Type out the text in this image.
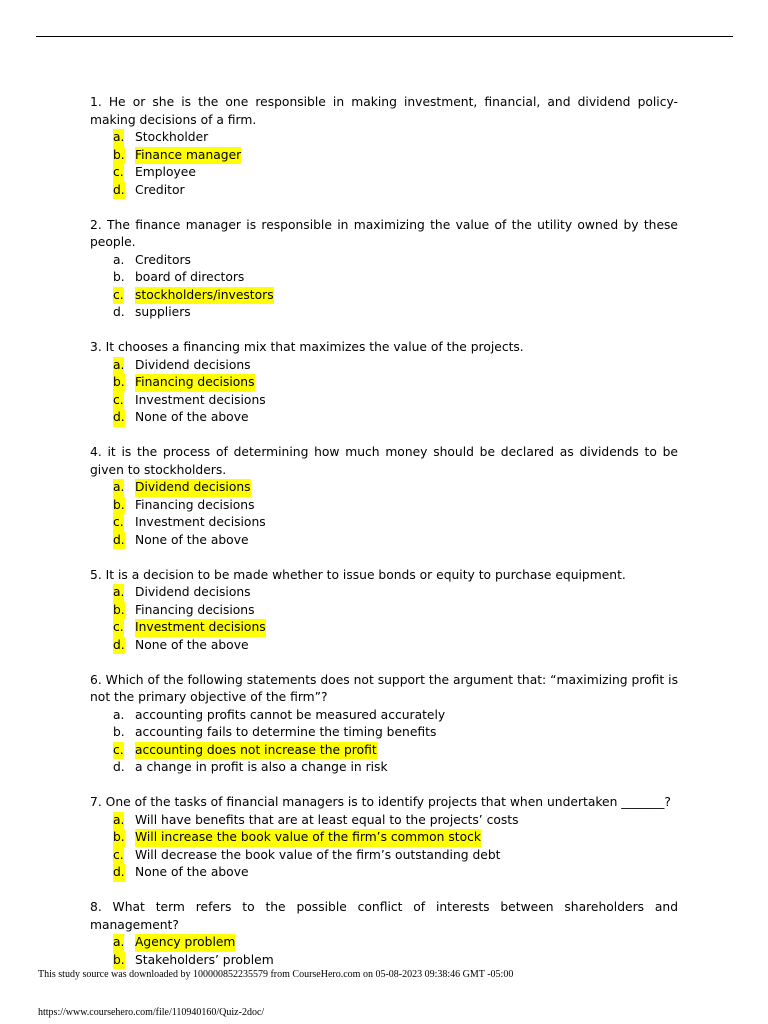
1. He or she is the one responsible in making investment, financial, and dividend policy-making decisions of a firm.
a. Stockholder
b. Finance manager
c. Employee
d. Creditor
2. The finance manager is responsible in maximizing the value of the utility owned by these people.
a. Creditors
b. board of directors
c. stockholders/investors
d. suppliers
3. It chooses a financing mix that maximizes the value of the projects.
a. Dividend decisions
b. Financing decisions
c. Investment decisions
d. None of the above
4. it is the process of determining how much money should be declared as dividends to be given to stockholders.
a. Dividend decisions
b. Financing decisions
c. Investment decisions
d. None of the above
5. It is a decision to be made whether to issue bonds or equity to purchase equipment.
a. Dividend decisions
b. Financing decisions
c. Investment decisions
d. None of the above
6. Which of the following statements does not support the argument that: “maximizing profit is not the primary objective of the firm”?
a. accounting profits cannot be measured accurately
b. accounting fails to determine the timing benefits
c. accounting does not increase the profit
d. a change in profit is also a change in risk
7. One of the tasks of financial managers is to identify projects that when undertaken _______?
a. Will have benefits that are at least equal to the projects’ costs
b. Will increase the book value of the firm’s common stock
c. Will decrease the book value of the firm’s outstanding debt
d. None of the above
8. What term refers to the possible conflict of interests between shareholders and management?
a. Agency problem
b. Stakeholders’ problem
This study source was downloaded by 100000852235579 from CourseHero.com on 05-08-2023 09:38:46 GMT -05:00
https://www.coursehero.com/file/110940160/Quiz-2doc/
